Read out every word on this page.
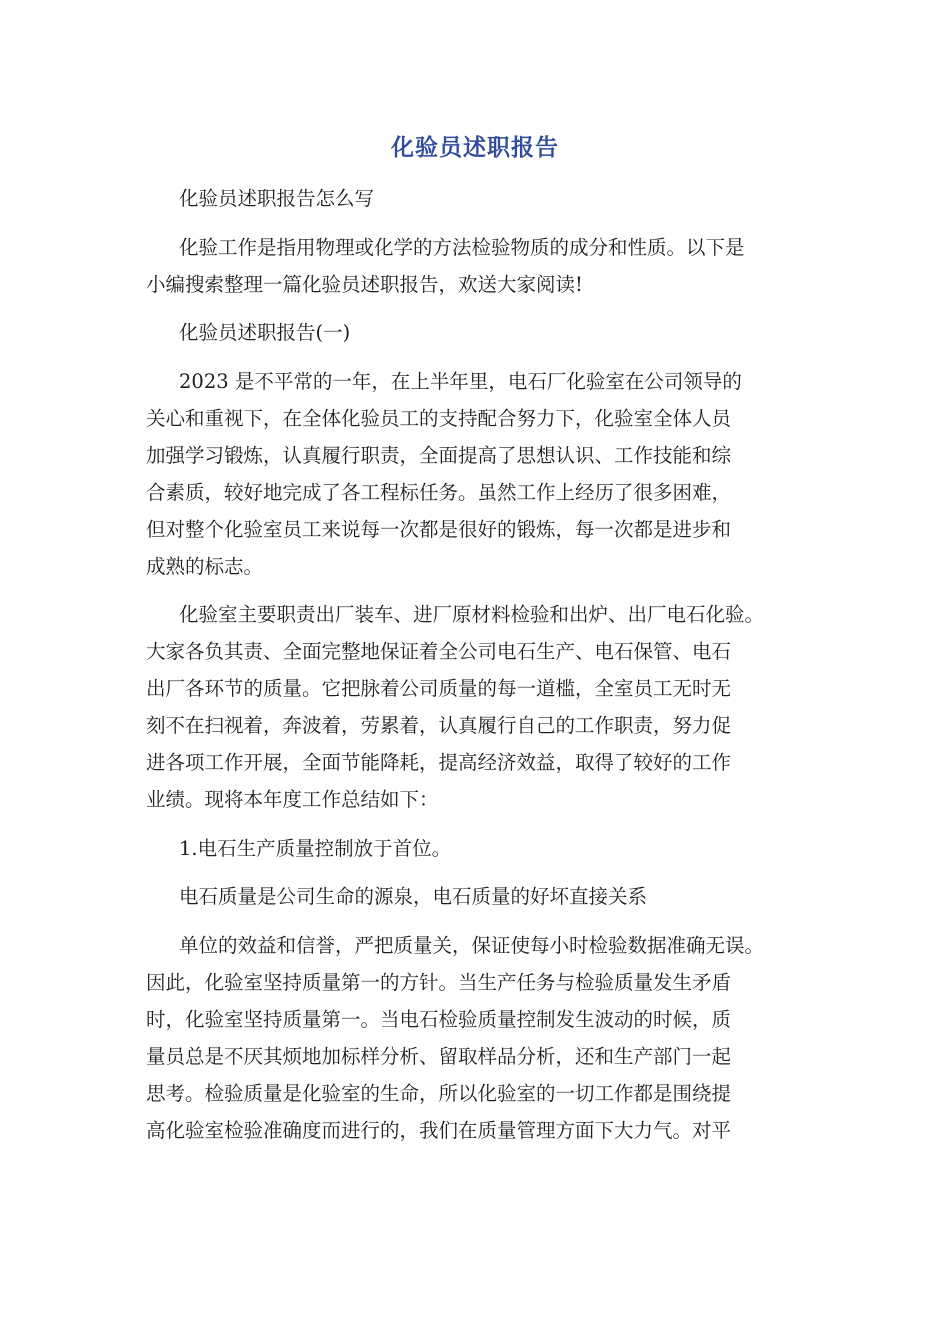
化验员述职报告

化验员述职报告怎么写

化验工作是指用物理或化学的方法检验物质的成分和性质。以下是
小编搜索整理一篇化验员述职报告，欢送大家阅读!

化验员述职报告(一)

2023 是不平常的一年，在上半年里，电石厂化验室在公司领导的
关心和重视下，在全体化验员工的支持配合努力下，化验室全体人员
加强学习锻炼，认真履行职责，全面提高了思想认识、工作技能和综
合素质，较好地完成了各工程标任务。虽然工作上经历了很多困难，
但对整个化验室员工来说每一次都是很好的锻炼，每一次都是进步和
成熟的标志。

化验室主要职责出厂装车、进厂原材料检验和出炉、出厂电石化验。
大家各负其责、全面完整地保证着全公司电石生产、电石保管、电石
出厂各环节的质量。它把脉着公司质量的每一道槛，全室员工无时无
刻不在扫视着，奔波着，劳累着，认真履行自己的工作职责，努力促
进各项工作开展，全面节能降耗，提高经济效益，取得了较好的工作
业绩。现将本年度工作总结如下：

1.电石生产质量控制放于首位。

电石质量是公司生命的源泉，电石质量的好坏直接关系

单位的效益和信誉，严把质量关，保证使每小时检验数据准确无误。
因此，化验室坚持质量第一的方针。当生产任务与检验质量发生矛盾
时，化验室坚持质量第一。当电石检验质量控制发生波动的时候，质
量员总是不厌其烦地加标样分析、留取样品分析，还和生产部门一起
思考。检验质量是化验室的生命，所以化验室的一切工作都是围绕提
高化验室检验准确度而进行的，我们在质量管理方面下大力气。对平
